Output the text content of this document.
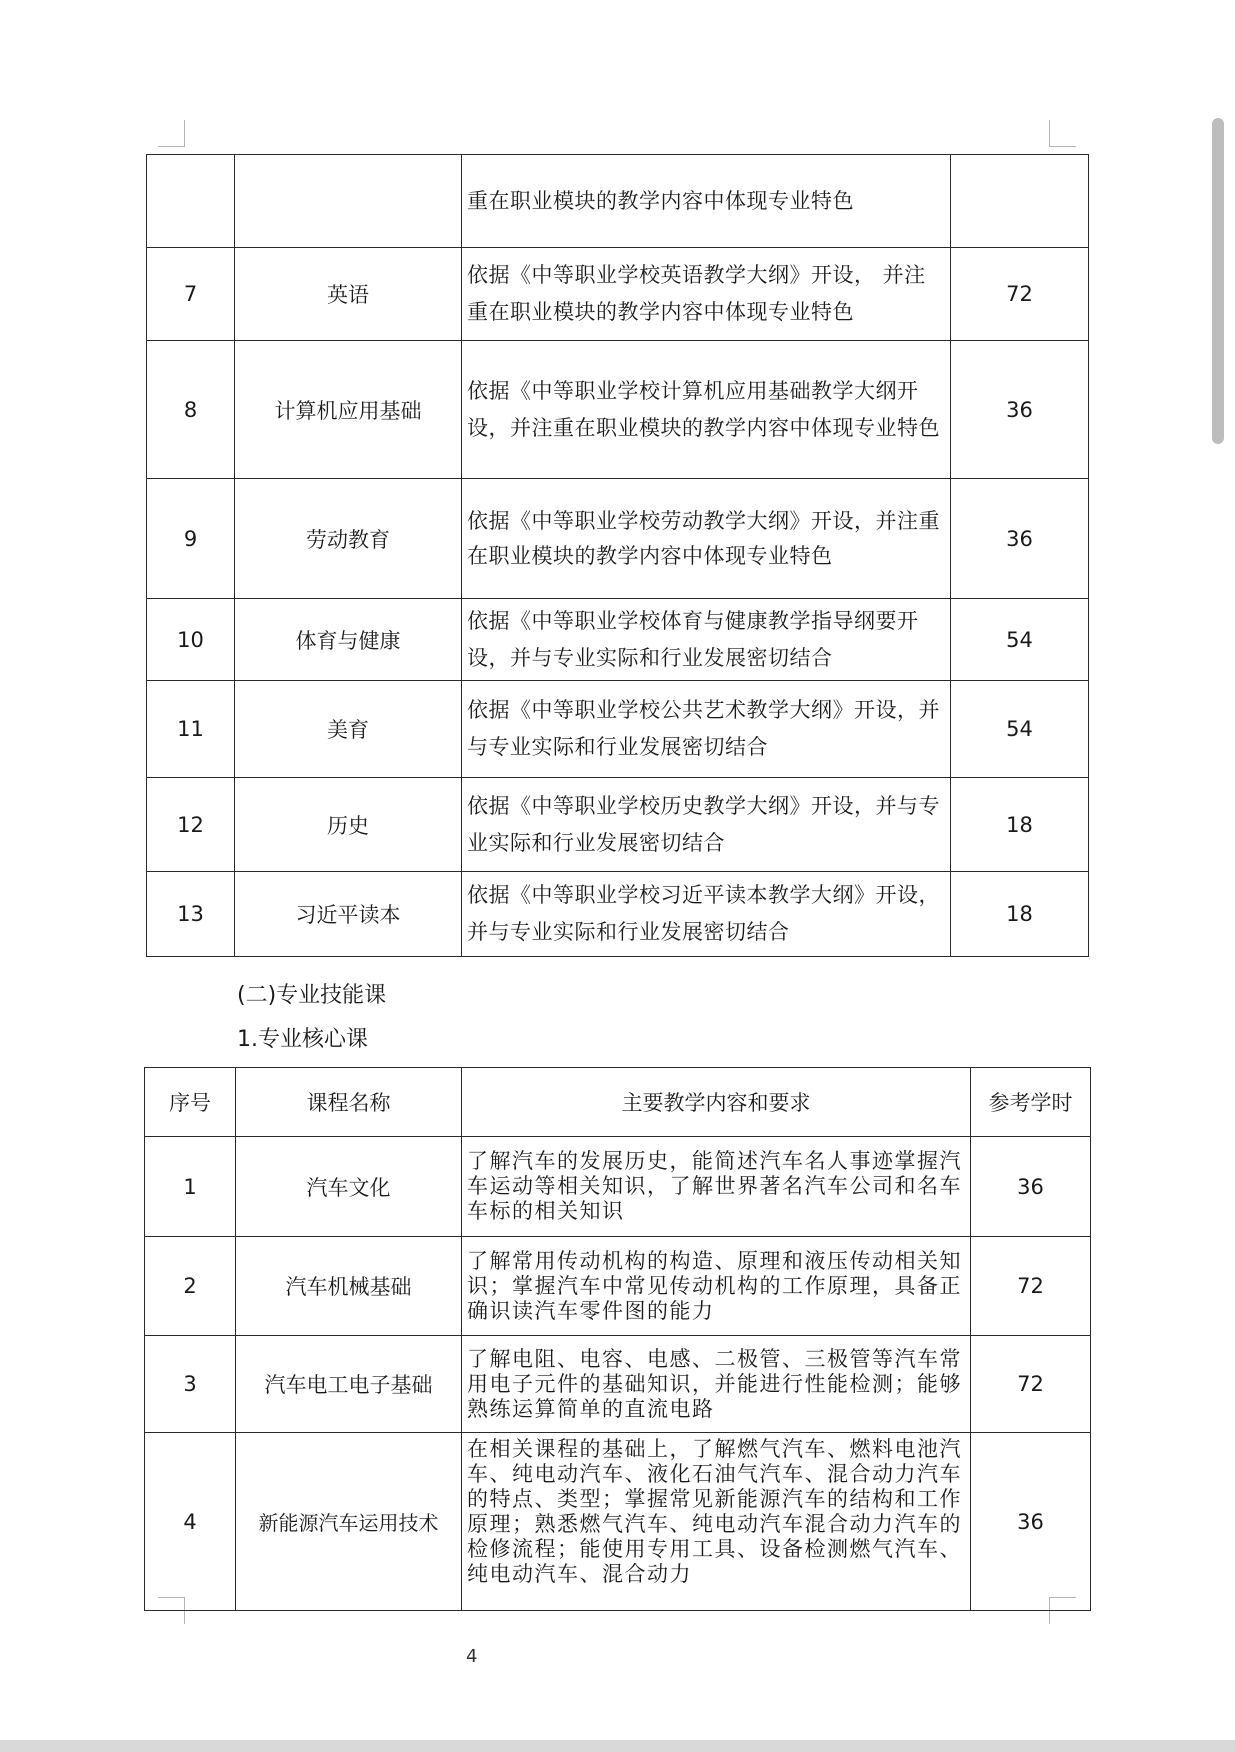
		重在职业模块的教学内容中体现专业特色	
7	英语	依据《中等职业学校英语教学大纲》开设， 并注重在职业模块的教学内容中体现专业特色	72
8	计算机应用基础	依据《中等职业学校计算机应用基础教学大纲开设，并注重在职业模块的教学内容中体现专业特色	36
9	劳动教育	依据《中等职业学校劳动教学大纲》开设，并注重在职业模块的教学内容中体现专业特色	36
10	体育与健康	依据《中等职业学校体育与健康教学指导纲要开设，并与专业实际和行业发展密切结合	54
11	美育	依据《中等职业学校公共艺术教学大纲》开设，并与专业实际和行业发展密切结合	54
12	历史	依据《中等职业学校历史教学大纲》开设，并与专业实际和行业发展密切结合	18
13	习近平读本	依据《中等职业学校习近平读本教学大纲》开设， 并与专业实际和行业发展密切结合	18
(二)专业技能课
1.专业核心课
序号	课程名称	主要教学内容和要求	参考学时
1	汽车文化	了解汽车的发展历史，能简述汽车名人事迹掌握汽车运动等相关知识，了解世界著名汽车公司和名车车标的相关知识	36
2	汽车机械基础	了解常用传动机构的构造、原理和液压传动相关知识；掌握汽车中常见传动机构的工作原理，具备正确识读汽车零件图的能力	72
3	汽车电工电子基础	了解电阻、电容、电感、二极管、三极管等汽车常用电子元件的基础知识，并能进行性能检测；能够熟练运算简单的直流电路	72
4	新能源汽车运用技术	在相关课程的基础上，了解燃气汽车、燃料电池汽车、纯电动汽车、液化石油气汽车、混合动力汽车的特点、类型；掌握常见新能源汽车的结构和工作原理；熟悉燃气汽车、纯电动汽车混合动力汽车的检修流程；能使用专用工具、设备检测燃气汽车、纯电动汽车、混合动力	36
4
